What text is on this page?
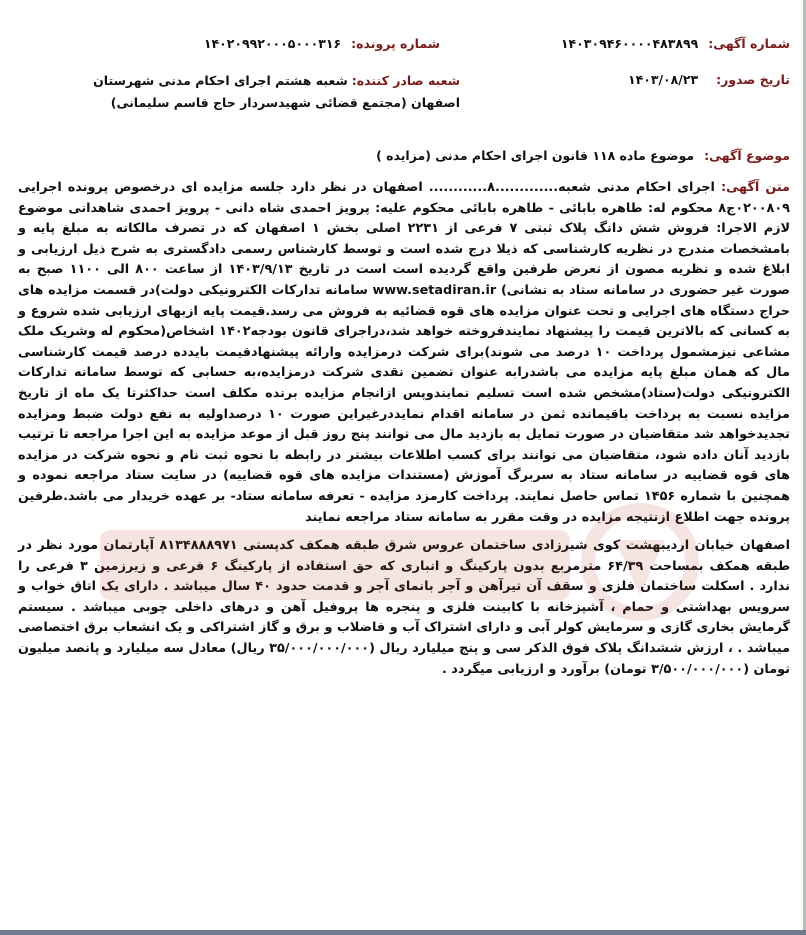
شماره آگهی: ۱۴۰۳۰۹۴۶۰۰۰۰۴۸۳۸۹۹
شماره پرونده: ۱۴۰۲۰۹۹۲۰۰۰۵۰۰۰۳۱۶
تاریخ صدور: ۱۴۰۳/۰۸/۲۳
شعبه صادر کننده: شعبه هشتم اجرای احکام مدنی شهرستان اصفهان (مجتمع قضائی شهیدسردار حاج قاسم سلیمانی)
موضوع آگهی: موضوع ماده ۱۱۸ قانون اجرای احکام مدنی (مزایده )

متن آگهی: اجرای احکام مدنی شعبه.............۸............ اصفهان در نظر دارد جلسه مزایده ای درخصوص پرونده اجرایی ۰۲۰۰۸۰۹ج۸ محکوم له: طاهره بابائی - طاهره بابائی محکوم علیه: پرویز احمدی شاه دانی - پرویز احمدی شاهدانی موضوع لازم الاجرا: فروش شش دانگ پلاک ثبتی ۷ فرعی از ۲۲۳۱ اصلی بخش ۱ اصفهان که در تصرف مالکانه به مبلغ پایه و بامشخصات مندرج در نظریه کارشناسی که ذیلا درج شده است و توسط کارشناس رسمی دادگستری به شرح ذیل ارزیابی و ابلاغ شده و نظریه مصون از تعرض طرفین واقع گردیده است است در تاریخ ۱۴۰۳/۹/۱۳ از ساعت ۸۰۰ الی ۱۱۰۰ صبح به صورت غیر حضوری در سامانه ستاد به نشانی) www.setadiran.ir سامانه تدارکات الکترونیکی دولت)در قسمت مزایده های حراج دستگاه های اجرایی و تحت عنوان مزایده های قوه قضائیه به فروش می رسد.قیمت پایه ازبهای ارزیابی شده شروع و به کسانی که بالاترین قیمت را پیشنهاد نمایندفروخته خواهد شد،دراجرای قانون بودجه۱۴۰۲ اشخاص(محکوم له وشریک ملک مشاعی نیزمشمول پرداخت ۱۰ درصد می شوند)برای شرکت درمزایده وارائه پیشنهادقیمت بایدده درصد قیمت کارشناسی مال که همان مبلغ پایه مزایده می باشدرابه عنوان تضمین نقدی شرکت درمزایده،به حسابی که توسط سامانه تدارکات الکترونیکی دولت(ستاد)مشخص شده است تسلیم نمایندوپس ازانجام مزایده برنده مکلف است حداکثرتا یک ماه از تاریخ مزایده نسبت به پرداخت باقیمانده ثمن در سامانه اقدام نمایددرغیراین صورت ۱۰ درصداولیه به نفع دولت ضبط ومزایده تجدیدخواهد شد متقاضیان در صورت تمایل به بازدید مال می توانند پنج روز قبل از موعد مزایده به این اجرا مراجعه تا ترتیب بازدید آنان داده شود، متقاضیان می توانند برای کسب اطلاعات بیشتر در رابطه با نحوه ثبت نام و نحوه شرکت در مزایده های قوه قضاییه در سامانه ستاد به سربرگ آموزش (مستندات مزایده های قوه قضاییه) در سایت ستاد مراجعه نموده و همچنین با شماره ۱۴۵۶ تماس حاصل نمایند. پرداخت کارمزد مزایده - تعرفه سامانه ستاد- بر عهده خریدار می باشد.طرفین پرونده جهت اطلاع ازنتیجه مزایده در وقت مقرر به سامانه ستاد مراجعه نمایند

اصفهان خیابان اردیبهشت کوی شیرزادی ساختمان عروس شرق طبقه همکف کدپستی ۸۱۳۴۸۸۸۹۷۱ آپارتمان مورد نظر در طبقه همکف بمساحت ۶۴/۳۹ مترمربع بدون پارکینگ و انباری که حق استفاده از پارکینگ ۶ فرعی و زیرزمین ۳ فرعی را ندارد . اسکلت ساختمان فلزی و سقف آن تیرآهن و آجر بانمای آجر و قدمت حدود ۴۰ سال میباشد . دارای یک اتاق خواب و سرویس بهداشتی و حمام ، آشپزخانه با کابینت فلزی و پنجره ها پروفیل آهن و درهای داخلی چوبی میباشد . سیستم گرمایش بخاری گازی و سرمایش کولر آبی و دارای اشتراک آب و فاضلاب و برق و گاز اشتراکی و یک انشعاب برق اختصاصی میباشد . ، ارزش ششدانگ پلاک فوق الذکر سی و پنج میلیارد ریال (۳۵/۰۰۰/۰۰۰/۰۰۰ ریال) معادل سه میلیارد و پانصد میلیون تومان (۳/۵۰۰/۰۰۰/۰۰۰ تومان) برآورد و ارزیابی میگردد .
